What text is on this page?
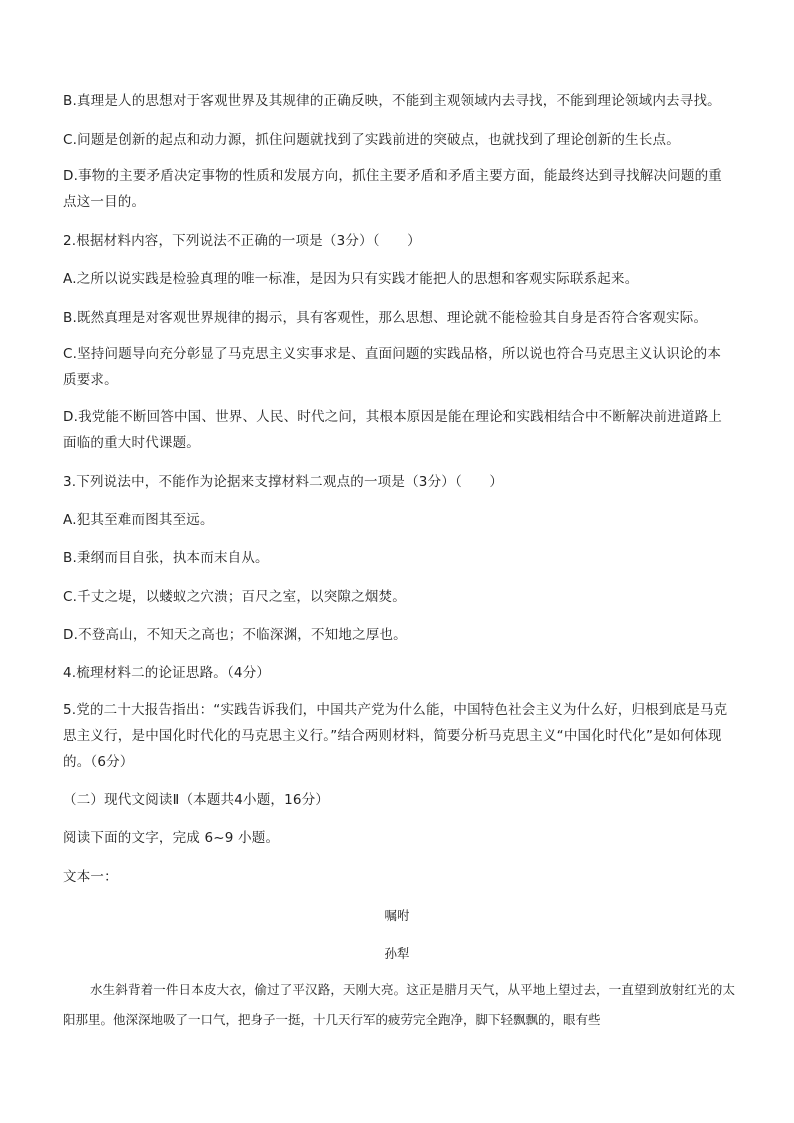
B.真理是人的思想对于客观世界及其规律的正确反映，不能到主观领域内去寻找，不能到理论领域内去寻找。
C.问题是创新的起点和动力源，抓住问题就找到了实践前进的突破点，也就找到了理论创新的生长点。
D.事物的主要矛盾决定事物的性质和发展方向，抓住主要矛盾和矛盾主要方面，能最终达到寻找解决问题的重点这一目的。
2.根据材料内容，下列说法不正确的一项是（3分）（　　）
A.之所以说实践是检验真理的唯一标准，是因为只有实践才能把人的思想和客观实际联系起来。
B.既然真理是对客观世界规律的揭示，具有客观性，那么思想、理论就不能检验其自身是否符合客观实际。
C.坚持问题导向充分彰显了马克思主义实事求是、直面问题的实践品格，所以说也符合马克思主义认识论的本质要求。
D.我党能不断回答中国、世界、人民、时代之问，其根本原因是能在理论和实践相结合中不断解决前进道路上面临的重大时代课题。
3.下列说法中，不能作为论据来支撑材料二观点的一项是（3分）（　　）
A.犯其至难而图其至远。
B.秉纲而目自张，执本而末自从。
C.千丈之堤，以蝼蚁之穴溃；百尺之室，以突隙之烟焚。
D.不登高山，不知天之高也；不临深渊，不知地之厚也。
4.梳理材料二的论证思路。（4分）
5.党的二十大报告指出：“实践告诉我们，中国共产党为什么能，中国特色社会主义为什么好，归根到底是马克思主义行，是中国化时代化的马克思主义行。”结合两则材料，简要分析马克思主义“中国化时代化”是如何体现的。（6分）
（二）现代文阅读Ⅱ（本题共4小题，16分）
阅读下面的文字，完成 6~9 小题。
文本一：
嘱咐
孙犁
水生斜背着一件日本皮大衣，偷过了平汉路，天刚大亮。这正是腊月天气，从平地上望过去，一直望到放射红光的太阳那里。他深深地吸了一口气，把身子一挺，十几天行军的疲劳完全跑净，脚下轻飘飘的，眼有些
